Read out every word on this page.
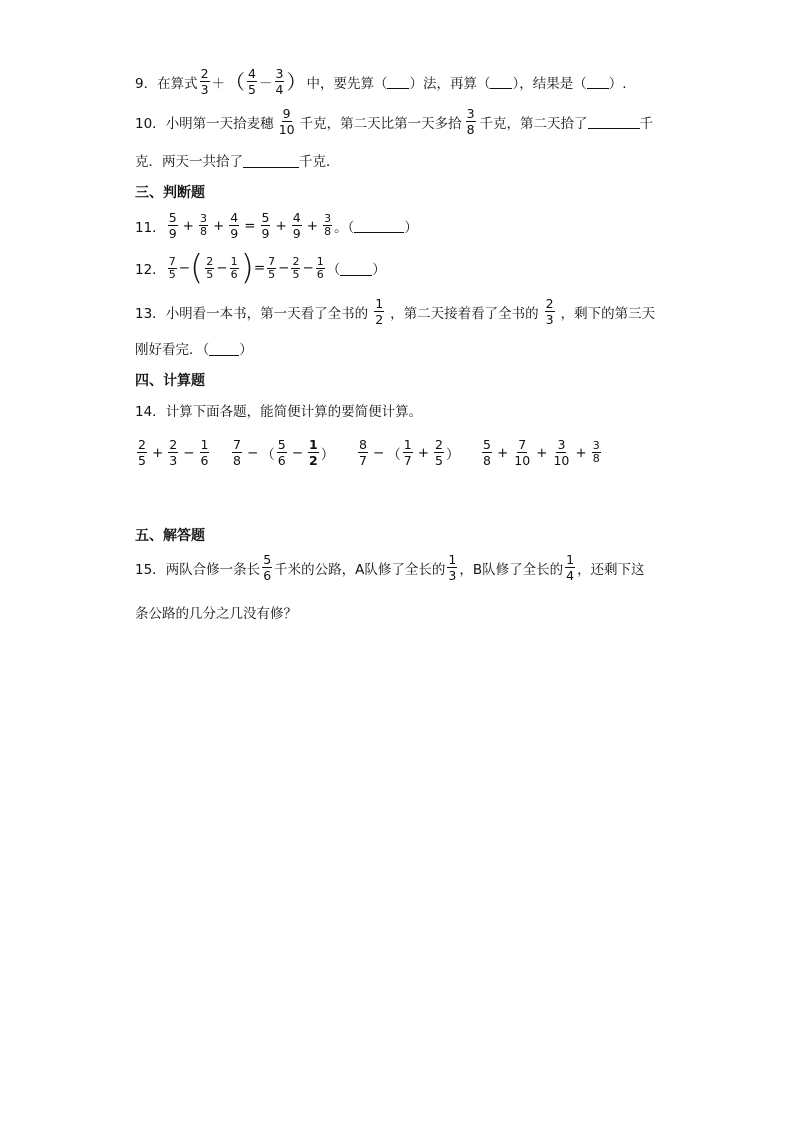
9． 在算式 $\frac{2}{3}$ ＋ （ $\frac{4}{5} - \frac{3}{4}$ ） 中，要先算（ ）法，再算（ ），结果是（ ）.
10． 小明第一天拾麦穗 $\frac{9}{10}$ 千克，第二天比第一天多拾 $\frac{3}{8}$ 千克，第二天拾了	千
克．两天一共拾了	千克．
三、判断题
11． $\frac{5}{9} + \frac{3}{8} + \frac{4}{9} = \frac{5}{9} + \frac{4}{9} + \frac{3}{8}$ 。（	）
12． $\frac{7}{5}$ − ( $\frac{2}{5} - \frac{1}{6}$ ) = $\frac{7}{5} - \frac{2}{5} - \frac{1}{6}$ （ ）
13． 小明看一本书，第一天看了全书的 $\frac{1}{2}$ ，第二天接着看了全书的 $\frac{2}{3}$ ，剩下的第三天
刚好看完．（ ）
四、计算题
14． 计算下面各题，能简便计算的要简便计算。
$\frac{2}{5} + \frac{2}{3} - \frac{1}{6} \frac{7}{8}$ − （ $\frac{5}{6} - \frac{1}{2}$ ） $\frac{8}{7}$ − （ $\frac{1}{7} + \frac{2}{5}$ ） $\frac{5}{8} + \frac{7}{10} + \frac{3}{10} + \frac{3}{8}$
五、解答题
15． 两队合修一条长 $\frac{5}{6}$ 千米的公路，A队修了全长的 $\frac{1}{3}$ ，B队修了全长的 $\frac{1}{4}$ ，还剩下这
条公路的几分之几没有修？
